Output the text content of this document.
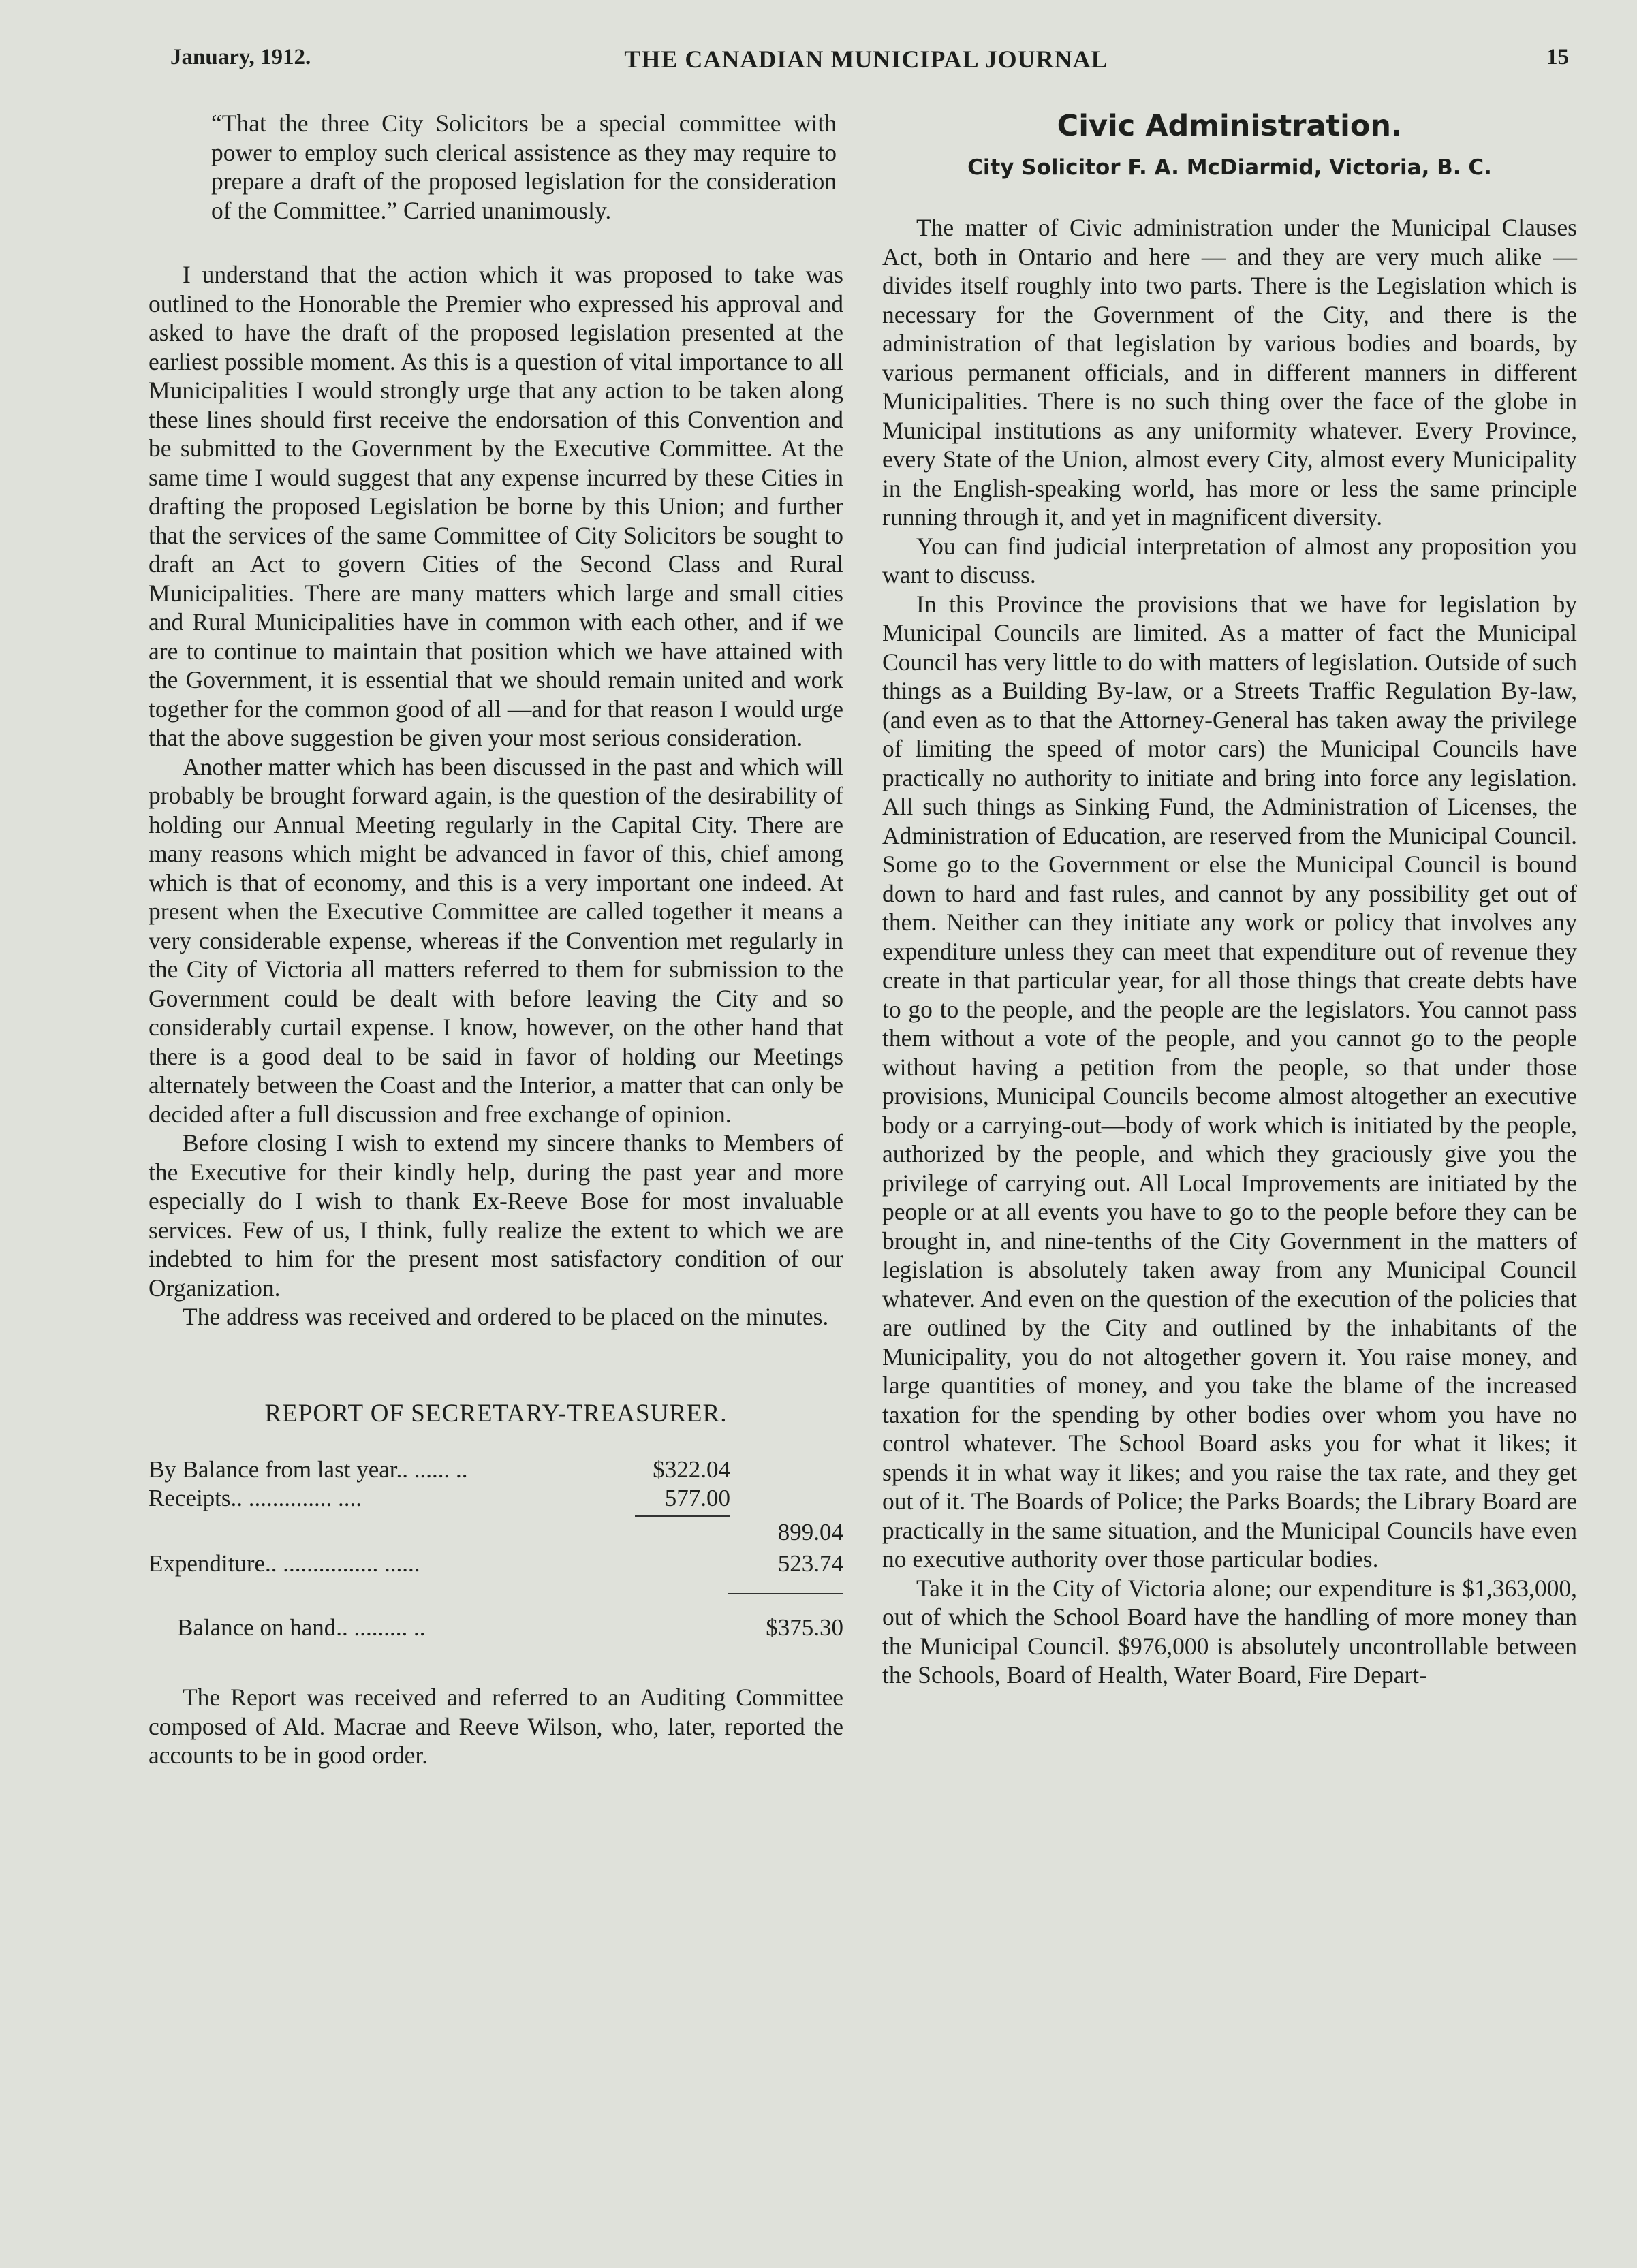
January, 1912.	THE CANADIAN MUNICIPAL JOURNAL	15

“That the three City Solicitors be a special committee with power to employ such clerical assistence as they may require to prepare a draft of the proposed legislation for the consideration of the Committee.” Carried unanimously.

I understand that the action which it was proposed to take was outlined to the Honorable the Premier who expressed his approval and asked to have the draft of the proposed legislation presented at the earliest possible moment. As this is a question of vital importance to all Municipalities I would strongly urge that any action to be taken along these lines should first receive the endorsation of this Convention and be submitted to the Government by the Executive Committee. At the same time I would suggest that any expense incurred by these Cities in drafting the proposed Legislation be borne by this Union; and further that the services of the same Committee of City Solicitors be sought to draft an Act to govern Cities of the Second Class and Rural Municipalities. There are many matters which large and small cities and Rural Municipalities have in common with each other, and if we are to continue to maintain that position which we have attained with the Government, it is essential that we should remain united and work together for the common good of all —and for that reason I would urge that the above suggestion be given your most serious consideration.

Another matter which has been discussed in the past and which will probably be brought forward again, is the question of the desirability of holding our Annual Meeting regularly in the Capital City. There are many reasons which might be advanced in favor of this, chief among which is that of economy, and this is a very important one indeed. At present when the Executive Committee are called together it means a very considerable expense, whereas if the Convention met regularly in the City of Victoria all matters referred to them for submission to the Government could be dealt with before leaving the City and so considerably curtail expense. I know, however, on the other hand that there is a good deal to be said in favor of holding our Meetings alternately between the Coast and the Interior, a matter that can only be decided after a full discussion and free exchange of opinion.

Before closing I wish to extend my sincere thanks to Members of the Executive for their kindly help, during the past year and more especially do I wish to thank Ex-Reeve Bose for most invaluable services. Few of us, I think, fully realize the extent to which we are indebted to him for the present most satisfactory condition of our Organization.

The address was received and ordered to be placed on the minutes.

REPORT OF SECRETARY-TREASURER.
By Balance from last year.. ...... ..	$322.04
Receipts.. .............. ....	577.00
899.04
Expenditure.. ................ ......	523.74
Balance on hand.. ......... ..	$375.30

The Report was received and referred to an Auditing Committee composed of Ald. Macrae and Reeve Wilson, who, later, reported the accounts to be in good order.

Civic Administration.
City Solicitor F. A. McDiarmid, Victoria, B. C.

The matter of Civic administration under the Municipal Clauses Act, both in Ontario and here — and they are very much alike — divides itself roughly into two parts. There is the Legislation which is necessary for the Government of the City, and there is the administration of that legislation by various bodies and boards, by various permanent officials, and in different manners in different Municipalities. There is no such thing over the face of the globe in Municipal institutions as any uniformity whatever. Every Province, every State of the Union, almost every City, almost every Municipality in the English-speaking world, has more or less the same principle running through it, and yet in magnificent diversity.

You can find judicial interpretation of almost any proposition you want to discuss.

In this Province the provisions that we have for legislation by Municipal Councils are limited. As a matter of fact the Municipal Council has very little to do with matters of legislation. Outside of such things as a Building By-law, or a Streets Traffic Regulation By-law, (and even as to that the Attorney-General has taken away the privilege of limiting the speed of motor cars) the Municipal Councils have practically no authority to initiate and bring into force any legislation. All such things as Sinking Fund, the Administration of Licenses, the Administration of Education, are reserved from the Municipal Council. Some go to the Government or else the Municipal Council is bound down to hard and fast rules, and cannot by any possibility get out of them. Neither can they initiate any work or policy that involves any expenditure unless they can meet that expenditure out of revenue they create in that particular year, for all those things that create debts have to go to the people, and the people are the legislators. You cannot pass them without a vote of the people, and you cannot go to the people without having a petition from the people, so that under those provisions, Municipal Councils become almost altogether an executive body or a carrying-out—body of work which is initiated by the people, authorized by the people, and which they graciously give you the privilege of carrying out. All Local Improvements are initiated by the people or at all events you have to go to the people before they can be brought in, and nine-tenths of the City Government in the matters of legislation is absolutely taken away from any Municipal Council whatever. And even on the question of the execution of the policies that are outlined by the City and outlined by the inhabitants of the Municipality, you do not altogether govern it. You raise money, and large quantities of money, and you take the blame of the increased taxation for the spending by other bodies over whom you have no control whatever. The School Board asks you for what it likes; it spends it in what way it likes; and you raise the tax rate, and they get out of it. The Boards of Police; the Parks Boards; the Library Board are practically in the same situation, and the Municipal Councils have even no executive authority over those particular bodies.

Take it in the City of Victoria alone; our expenditure is $1,363,000, out of which the School Board have the handling of more money than the Municipal Council. $976,000 is absolutely uncontrollable between the Schools, Board of Health, Water Board, Fire Depart-
